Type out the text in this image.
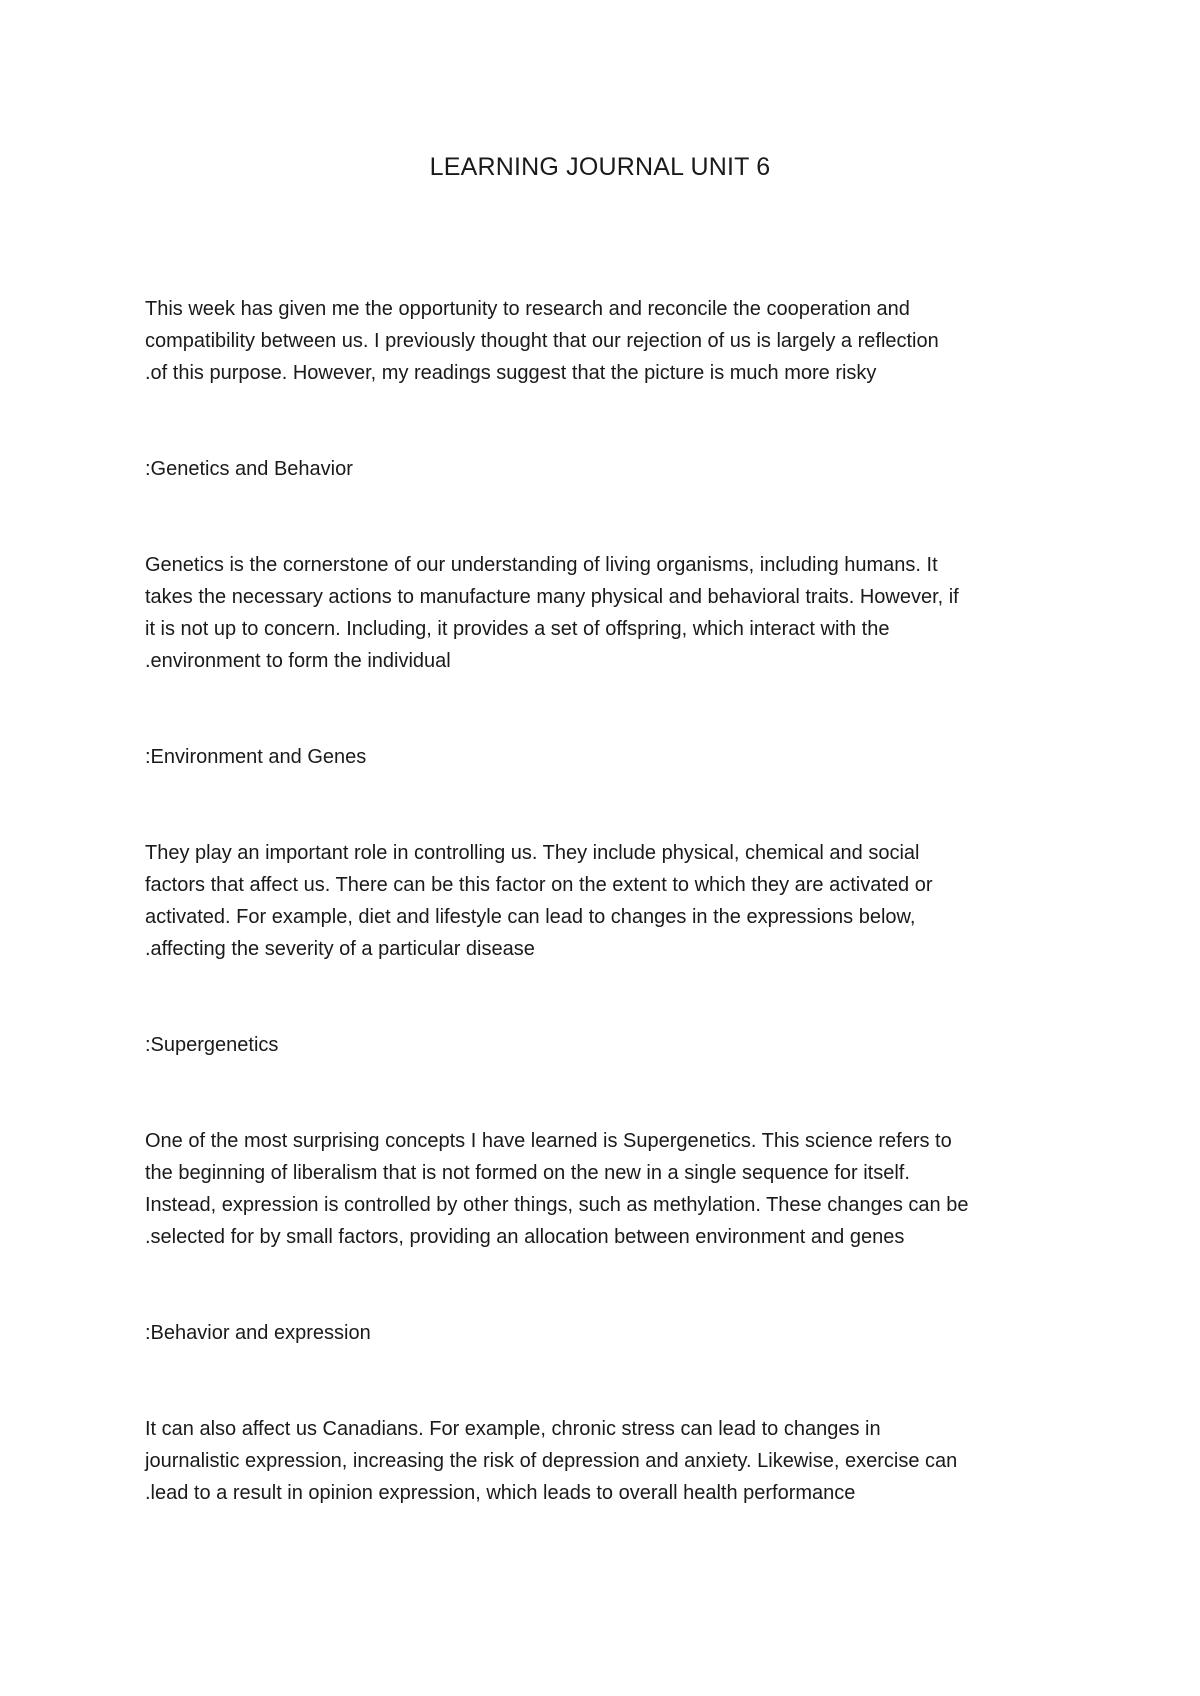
LEARNING JOURNAL UNIT 6

This week has given me the opportunity to research and reconcile the cooperation and
compatibility between us. I previously thought that our rejection of us is largely a reflection
.of this purpose. However, my readings suggest that the picture is much more risky

:Genetics and Behavior

Genetics is the cornerstone of our understanding of living organisms, including humans. It
takes the necessary actions to manufacture many physical and behavioral traits. However, if
it is not up to concern. Including, it provides a set of offspring, which interact with the
.environment to form the individual

:Environment and Genes

They play an important role in controlling us. They include physical, chemical and social
factors that affect us. There can be this factor on the extent to which they are activated or
activated. For example, diet and lifestyle can lead to changes in the expressions below,
.affecting the severity of a particular disease

:Supergenetics

One of the most surprising concepts I have learned is Supergenetics. This science refers to
the beginning of liberalism that is not formed on the new in a single sequence for itself.
Instead, expression is controlled by other things, such as methylation. These changes can be
.selected for by small factors, providing an allocation between environment and genes

:Behavior and expression

It can also affect us Canadians. For example, chronic stress can lead to changes in
journalistic expression, increasing the risk of depression and anxiety. Likewise, exercise can
.lead to a result in opinion expression, which leads to overall health performance
